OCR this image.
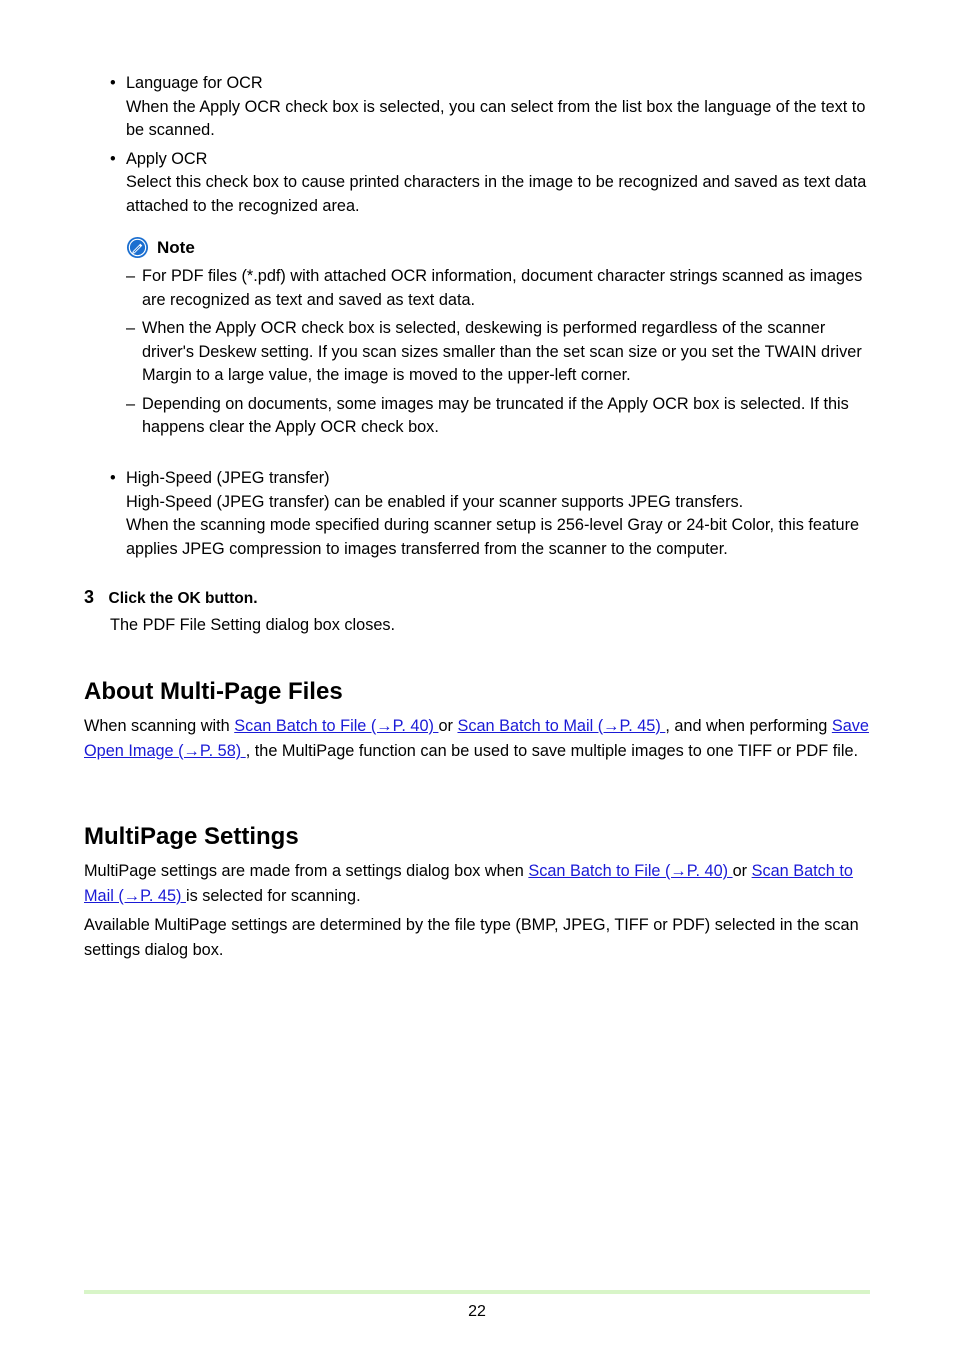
• Language for OCR

When the Apply OCR check box is selected, you can select from the list box the language of the text to be scanned.

• Apply OCR

Select this check box to cause printed characters in the image to be recognized and saved as text data attached to the recognized area.

Note
– For PDF files (*.pdf) with attached OCR information, document character strings scanned as images are recognized as text and saved as text data.

– When the Apply OCR check box is selected, deskewing is performed regardless of the scanner driver's Deskew setting. If you scan sizes smaller than the set scan size or you set the TWAIN driver Margin to a large value, the image is moved to the upper-left corner.

– Depending on documents, some images may be truncated if the Apply OCR box is selected. If this happens clear the Apply OCR check box.

• High-Speed (JPEG transfer)

High-Speed (JPEG transfer) can be enabled if your scanner supports JPEG transfers.

When the scanning mode specified during scanner setup is 256-level Gray or 24-bit Color, this feature applies JPEG compression to images transferred from the scanner to the computer.

3 Click the OK button.

The PDF File Setting dialog box closes.

About Multi-Page Files

When scanning with Scan Batch to File (→P. 40) or Scan Batch to Mail (→P. 45) , and when performing Save Open Image (→P. 58) , the MultiPage function can be used to save multiple images to one TIFF or PDF file.

MultiPage Settings

MultiPage settings are made from a settings dialog box when Scan Batch to File (→P. 40) or Scan Batch to Mail (→P. 45) is selected for scanning.

Available MultiPage settings are determined by the file type (BMP, JPEG, TIFF or PDF) selected in the scan settings dialog box.

22
